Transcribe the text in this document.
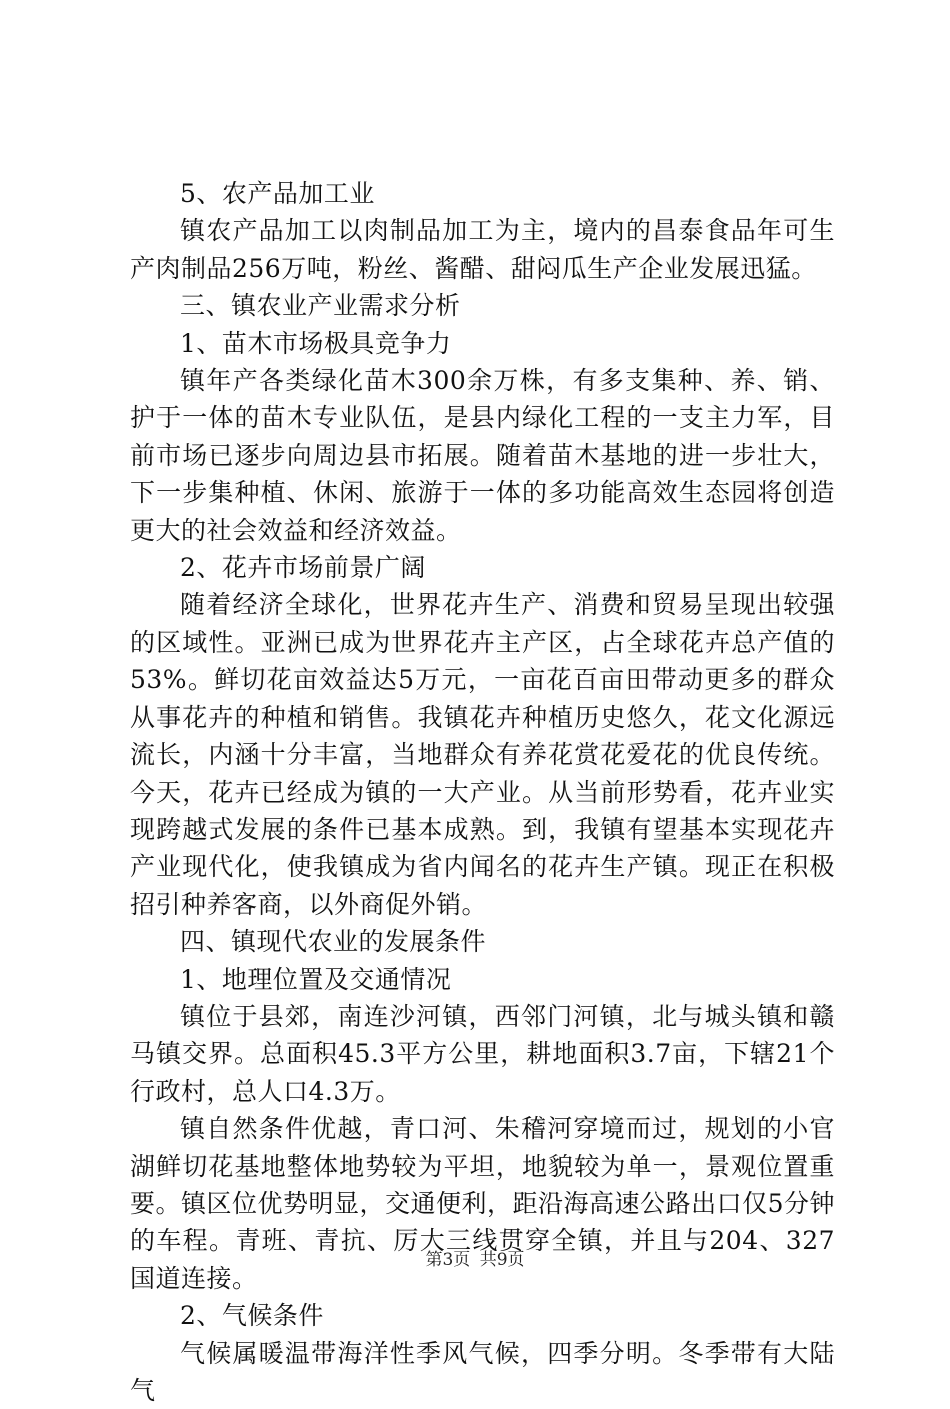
5、农产品加工业

镇农产品加工以肉制品加工为主，境内的昌泰食品年可生产肉制品256万吨，粉丝、酱醋、甜闷瓜生产企业发展迅猛。

三、镇农业产业需求分析

1、苗木市场极具竞争力

镇年产各类绿化苗木300余万株，有多支集种、养、销、护于一体的苗木专业队伍，是县内绿化工程的一支主力军，目前市场已逐步向周边县市拓展。随着苗木基地的进一步壮大，下一步集种植、休闲、旅游于一体的多功能高效生态园将创造更大的社会效益和经济效益。

2、花卉市场前景广阔

随着经济全球化，世界花卉生产、消费和贸易呈现出较强的区域性。亚洲已成为世界花卉主产区，占全球花卉总产值的53%。鲜切花亩效益达5万元，一亩花百亩田带动更多的群众从事花卉的种植和销售。我镇花卉种植历史悠久，花文化源远流长，内涵十分丰富，当地群众有养花赏花爱花的优良传统。今天，花卉已经成为镇的一大产业。从当前形势看，花卉业实现跨越式发展的条件已基本成熟。到，我镇有望基本实现花卉产业现代化，使我镇成为省内闻名的花卉生产镇。现正在积极招引种养客商，以外商促外销。

四、镇现代农业的发展条件

1、地理位置及交通情况

镇位于县郊，南连沙河镇，西邻门河镇，北与城头镇和赣马镇交界。总面积45.3平方公里，耕地面积3.7亩，下辖21个行政村，总人口4.3万。

镇自然条件优越，青口河、朱稽河穿境而过，规划的小官湖鲜切花基地整体地势较为平坦，地貌较为单一，景观位置重要。镇区位优势明显，交通便利，距沿海高速公路出口仅5分钟的车程。青班、青抗、厉大三线贯穿全镇，并且与204、327国道连接。

2、气候条件

气候属暖温带海洋性季风气候，四季分明。冬季带有大陆气

第3页 共9页
